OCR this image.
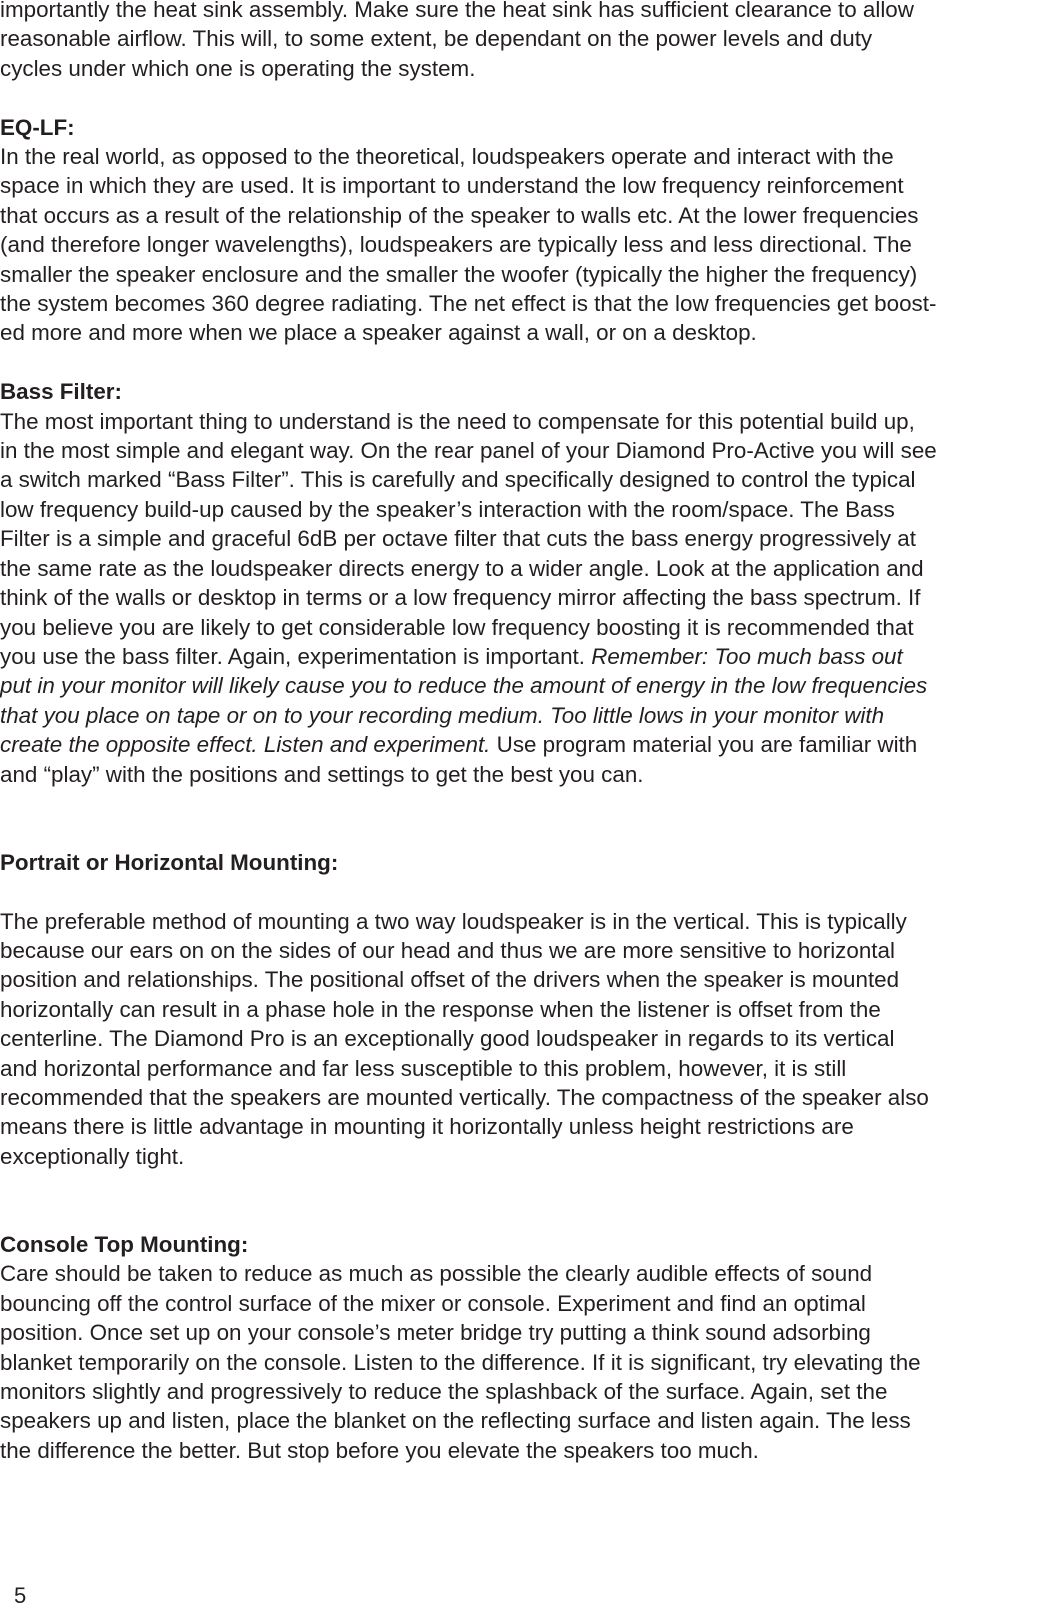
importantly the heat sink assembly. Make sure the heat sink has sufficient clearance to allow
reasonable airflow. This will, to some extent, be dependant on the power levels and duty
cycles under which one is operating the system.

EQ-LF:

In the real world, as opposed to the theoretical, loudspeakers operate and interact with the
space in which they are used. It is important to understand the low frequency reinforcement
that occurs as a result of the relationship of the speaker to walls etc. At the lower frequencies
(and therefore longer wavelengths), loudspeakers are typically less and less directional. The
smaller the speaker enclosure and the smaller the woofer (typically the higher the frequency)
the system becomes 360 degree radiating. The net effect is that the low frequencies get boost-
ed more and more when we place a speaker against a wall, or on a desktop.

Bass Filter:

The most important thing to understand is the need to compensate for this potential build up,
in the most simple and elegant way. On the rear panel of your Diamond Pro-Active you will see
a switch marked “Bass Filter”. This is carefully and specifically designed to control the typical
low frequency build-up caused by the speaker’s interaction with the room/space. The Bass
Filter is a simple and graceful 6dB per octave filter that cuts the bass energy progressively at
the same rate as the loudspeaker directs energy to a wider angle. Look at the application and
think of the walls or desktop in terms or a low frequency mirror affecting the bass spectrum. If
you believe you are likely to get considerable low frequency boosting it is recommended that
you use the bass filter. Again, experimentation is important. Remember: Too much bass out
put in your monitor will likely cause you to reduce the amount of energy in the low frequencies
that you place on tape or on to your recording medium. Too little lows in your monitor with
create the opposite effect. Listen and experiment. Use program material you are familiar with
and “play” with the positions and settings to get the best you can.

Portrait or Horizontal Mounting:

The preferable method of mounting a two way loudspeaker is in the vertical. This is typically
because our ears on on the sides of our head and thus we are more sensitive to horizontal
position and relationships. The positional offset of the drivers when the speaker is mounted
horizontally can result in a phase hole in the response when the listener is offset from the
centerline. The Diamond Pro is an exceptionally good loudspeaker in regards to its vertical
and horizontal performance and far less susceptible to this problem, however, it is still
recommended that the speakers are mounted vertically. The compactness of the speaker also
means there is little advantage in mounting it horizontally unless height restrictions are
exceptionally tight.

Console Top Mounting:

Care should be taken to reduce as much as possible the clearly audible effects of sound
bouncing off the control surface of the mixer or console. Experiment and find an optimal
position. Once set up on your console’s meter bridge try putting a think sound adsorbing
blanket temporarily on the console. Listen to the difference. If it is significant, try elevating the
monitors slightly and progressively to reduce the splashback of the surface. Again, set the
speakers up and listen, place the blanket on the reflecting surface and listen again. The less
the difference the better. But stop before you elevate the speakers too much.

5
